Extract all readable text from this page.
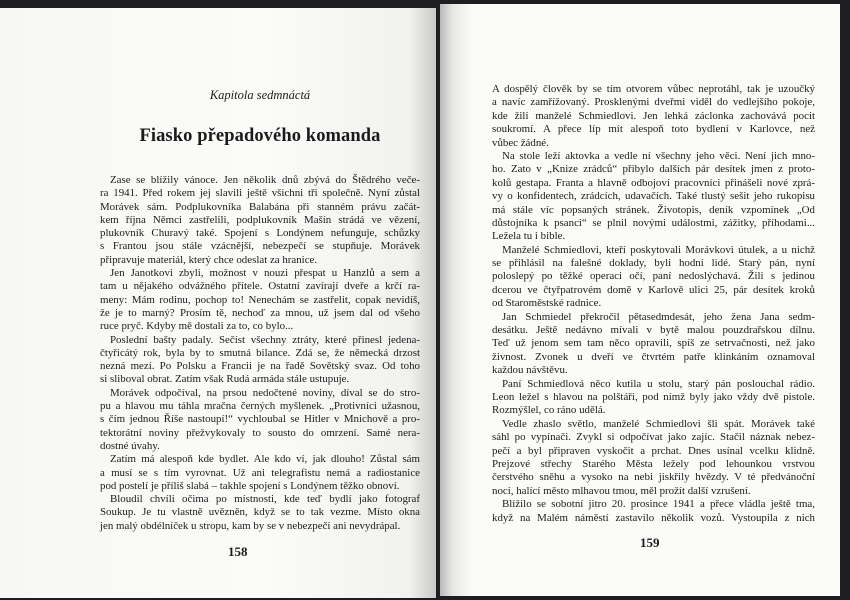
Kapitola sedmnáctá
Fiasko přepadového komanda
Zase se blížily vánoce. Jen několik dnů zbývá do Štědrého veče-
ra 1941. Před rokem jej slavili ještě všichni tři společně. Nyní zůstal
Morávek sám. Podplukovníka Balabána při stanném právu začát-
kem října Němci zastřelili, podplukovník Mašín strádá ve vězení,
plukovník Churavý také. Spojení s Londýnem nefunguje, schůzky
s Frantou jsou stále vzácnější, nebezpečí se stupňuje. Morávek
připravuje materiál, který chce odeslat za hranice.
Jen Janotkovi zbyli, možnost v nouzi přespat u Hanzlů a sem a
tam u nějakého odvážného přítele. Ostatní zavírají dveře a krčí ra-
meny: Mám rodinu, pochop to! Nenechám se zastřelit, copak nevidíš,
že je to marný? Prosím tě, nechoď za mnou, už jsem dal od všeho
ruce pryč. Kdyby mě dostali za to, co bylo...
Poslední bašty padaly. Sečíst všechny ztráty, které přinesl jedena-
čtyřicátý rok, byla by to smutná bilance. Zdá se, že německá drzost
nezná mezí. Po Polsku a Francii je na řadě Sovětský svaz. Od toho
si sliboval obrat. Zatím však Rudá armáda stále ustupuje.
Morávek odpočíval, na prsou nedočtené noviny, díval se do stro-
pu a hlavou mu táhla mračna černých myšlenek. „Protivníci užasnou,
s čím jednou Říše nastoupí!“ vychloubal se Hitler v Mnichově a pro-
tektorátní noviny přežvykovaly to sousto do omrzení. Samé nera-
dostné úvahy.
Zatím má alespoň kde bydlet. Ale kdo ví, jak dlouho! Zůstal sám
a musí se s tím vyrovnat. Už ani telegrafistu nemá a radiostanice
pod postelí je příliš slabá – takhle spojení s Londýnem těžko obnoví.
Bloudil chvíli očima po místnosti, kde teď bydlí jako fotograf
Soukup. Je tu vlastně uvězněn, když se to tak vezme. Místo okna
jen malý obdélníček u stropu, kam by se v nebezpečí ani nevydrápal.
158
A dospělý člověk by se tím otvorem vůbec neprotáhl, tak je uzoučký
a navíc zamřížovaný. Prosklenými dveřmi viděl do vedlejšího pokoje,
kde žili manželé Schmiedlovi. Jen lehká záclonka zachovává pocit
soukromí. A přece líp mít alespoň toto bydlení v Karlovce, než
vůbec žádné.
Na stole leží aktovka a vedle ní všechny jeho věci. Není jich mno-
ho. Zato v „Knize zrádců“ přibylo dalších pár desítek jmen z proto-
kolů gestapa. Franta a hlavně odbojoví pracovníci přinášeli nové zprá-
vy o konfidentech, zrádcích, udavačích. Také tlustý sešit jeho rukopisu
má stále víc popsaných stránek. Životopis, deník vzpomínek „Od
důstojníka k psanci“ se plnil novými událostmi, zážitky, příhodami...
Ležela tu i bible.
Manželé Schmiedlovi, kteří poskytovali Morávkovi útulek, a u nichž
se přihlásil na falešné doklady, byli hodní lidé. Starý pán, nyní
poloslepý po těžké operaci očí, paní nedoslýchavá. Žili s jedinou
dcerou ve čtyřpatrovém domě v Karlově ulici 25, pár desítek kroků
od Staroměstské radnice.
Jan Schmiedel překročil pětasedmdesát, jeho žena Jana sedm-
desátku. Ještě nedávno mívali v bytě malou pouzdrařskou dílnu.
Teď už jenom sem tam něco opravili, spíš ze setrvačnosti, než jako
živnost. Zvonek u dveří ve čtvrtém patře klinkáním oznamoval
každou návštěvu.
Paní Schmiedlová něco kutila u stolu, starý pán poslouchal rádio.
Leon ležel s hlavou na polštáři, pod nímž byly jako vždy dvě pistole.
Rozmýšlel, co ráno udělá.
Vedle zhaslo světlo, manželé Schmiedlovi šli spát. Morávek také
sáhl po vypínači. Zvykl si odpočívat jako zajíc. Stačil náznak nebez-
pečí a byl připraven vyskočit a prchat. Dnes usínal vcelku klidně.
Prejzové střechy Starého Města ležely pod lehounkou vrstvou
čerstvého sněhu a vysoko na nebi jiskřily hvězdy. V té předvánoční
noci, halící město mlhavou tmou, měl prožít další vzrušení.
Blížilo se sobotní jitro 20. prosince 1941 a přece vládla ještě tma,
když na Malém náměstí zastavilo několik vozů. Vystoupila z nich
159
